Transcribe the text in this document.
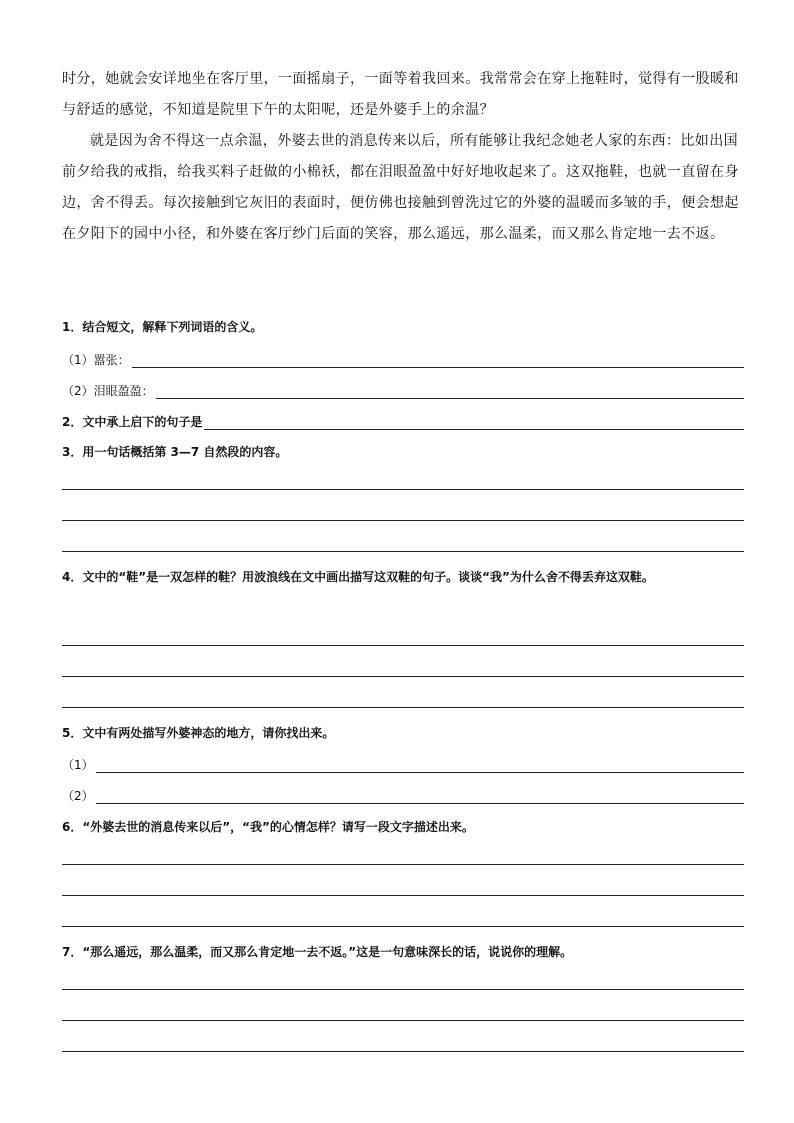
时分，她就会安详地坐在客厅里，一面摇扇子，一面等着我回来。我常常会在穿上拖鞋时，觉得有一股暖和与舒适的感觉，不知道是院里下午的太阳呢，还是外婆手上的余温？

就是因为舍不得这一点余温，外婆去世的消息传来以后，所有能够让我纪念她老人家的东西：比如出国前夕给我的戒指，给我买料子赶做的小棉袄，都在泪眼盈盈中好好地收起来了。这双拖鞋，也就一直留在身边，舍不得丢。每次接触到它灰旧的表面时，便仿佛也接触到曾洗过它的外婆的温暖而多皱的手，便会想起在夕阳下的园中小径，和外婆在客厅纱门后面的笑容，那么遥远，那么温柔，而又那么肯定地一去不返。

1．结合短文，解释下列词语的含义。
（1）嚣张：
（2）泪眼盈盈：
2．文中承上启下的句子是
3．用一句话概括第 3—7 自然段的内容。
4．文中的“鞋”是一双怎样的鞋？用波浪线在文中画出描写这双鞋的句子。谈谈“我”为什么舍不得丢弃这双鞋。
5．文中有两处描写外婆神态的地方，请你找出来。
（1）
（2）
6．“外婆去世的消息传来以后”，“我”的心情怎样？请写一段文字描述出来。
7．“那么遥远，那么温柔，而又那么肯定地一去不返。”这是一句意味深长的话，说说你的理解。
